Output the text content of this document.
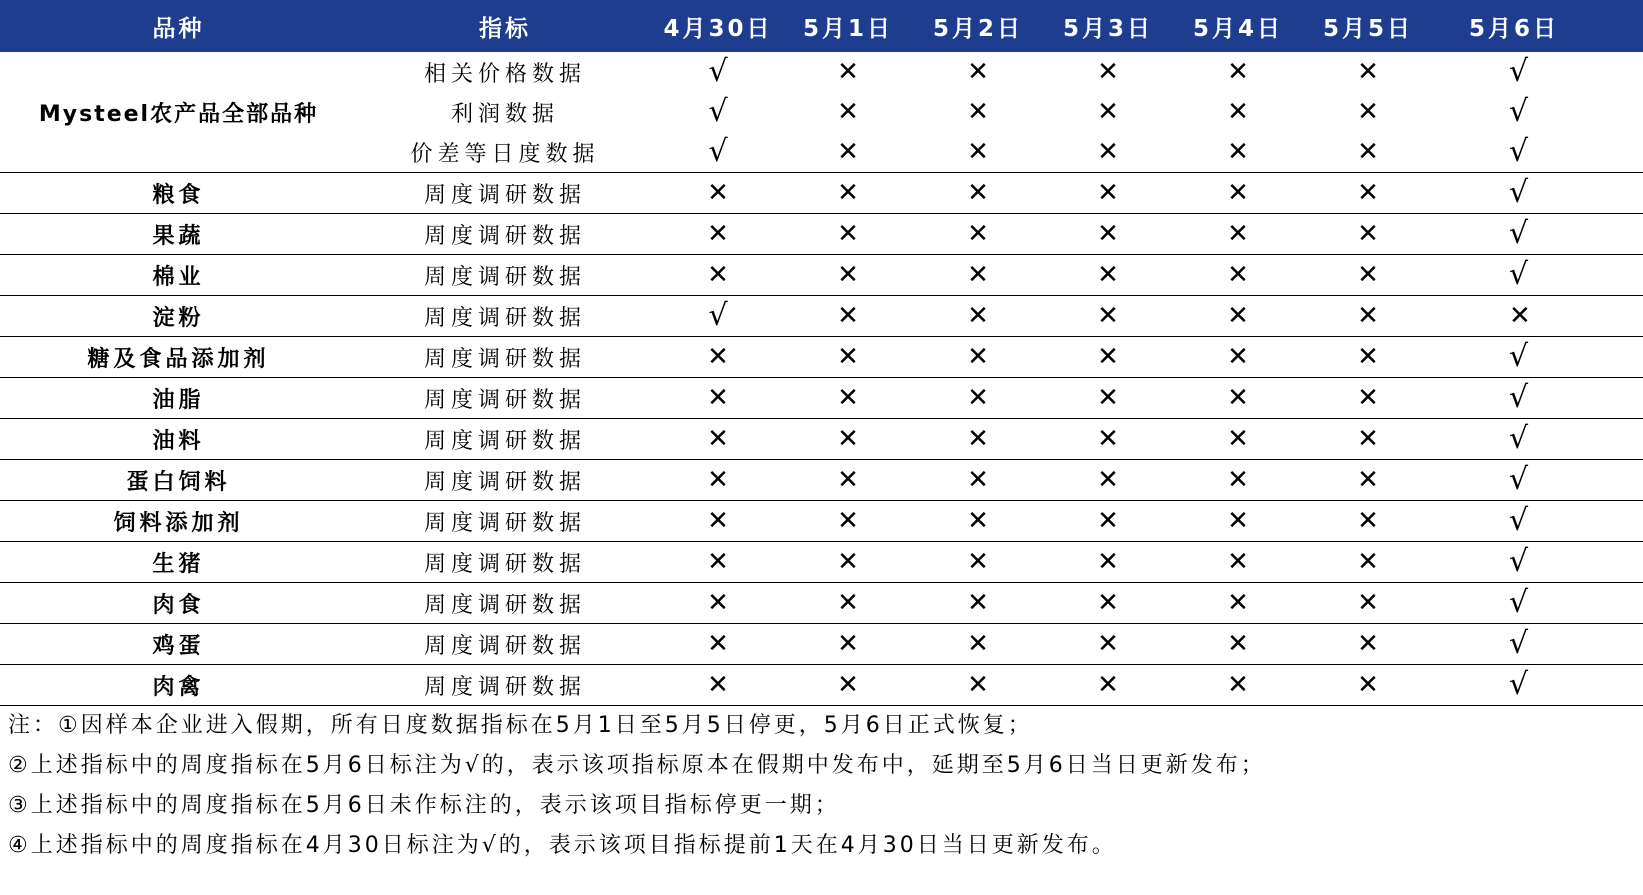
品种	指标	4月30日	5月1日	5月2日	5月3日	5月4日	5月5日	5月6日
Mysteel农产品全部品种	相关价格数据	√	✕	✕	✕	✕	✕	√
	利润数据	√	✕	✕	✕	✕	✕	√
	价差等日度数据	√	✕	✕	✕	✕	✕	√
粮食	周度调研数据	✕	✕	✕	✕	✕	✕	√
果蔬	周度调研数据	✕	✕	✕	✕	✕	✕	√
棉业	周度调研数据	✕	✕	✕	✕	✕	✕	√
淀粉	周度调研数据	√	✕	✕	✕	✕	✕	✕
糖及食品添加剂	周度调研数据	✕	✕	✕	✕	✕	✕	√
油脂	周度调研数据	✕	✕	✕	✕	✕	✕	√
油料	周度调研数据	✕	✕	✕	✕	✕	✕	√
蛋白饲料	周度调研数据	✕	✕	✕	✕	✕	✕	√
饲料添加剂	周度调研数据	✕	✕	✕	✕	✕	✕	√
生猪	周度调研数据	✕	✕	✕	✕	✕	✕	√
肉食	周度调研数据	✕	✕	✕	✕	✕	✕	√
鸡蛋	周度调研数据	✕	✕	✕	✕	✕	✕	√
肉禽	周度调研数据	✕	✕	✕	✕	✕	✕	√
注：①因样本企业进入假期，所有日度数据指标在5月1日至5月5日停更，5月6日正式恢复；
②上述指标中的周度指标在5月6日标注为√的，表示该项指标原本在假期中发布中，延期至5月6日当日更新发布；
③上述指标中的周度指标在5月6日未作标注的，表示该项目指标停更一期；
④上述指标中的周度指标在4月30日标注为√的，表示该项目指标提前1天在4月30日当日更新发布。
